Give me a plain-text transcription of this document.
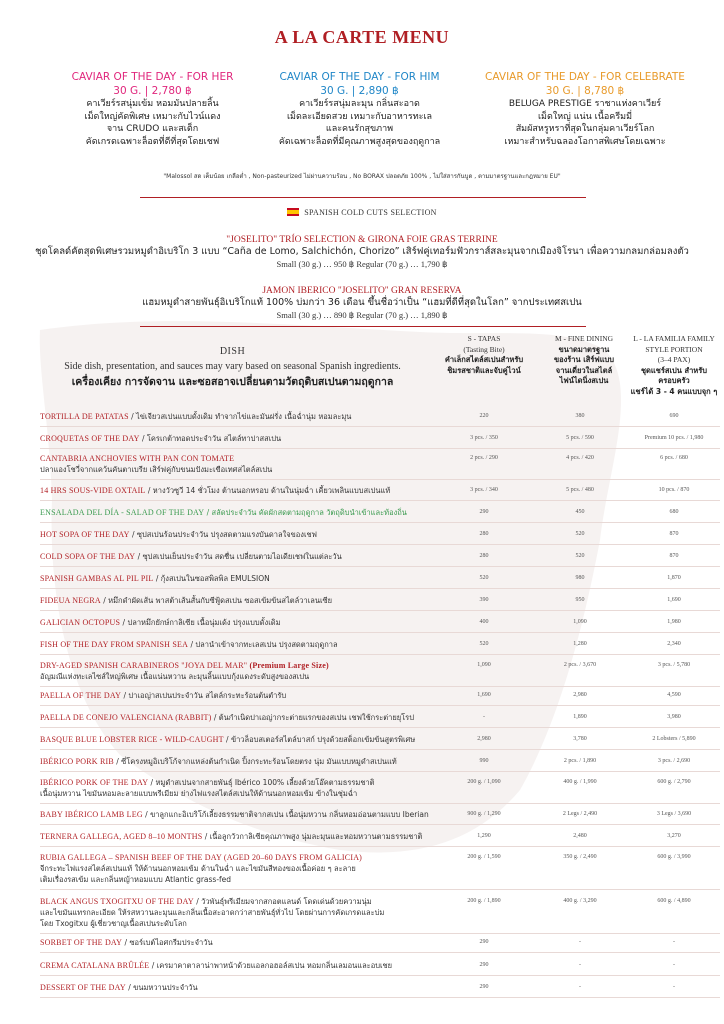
A LA CARTE MENU
CAVIAR OF THE DAY - FOR HER
30 G. | 2,780 ฿
คาเวียร์รสนุ่มเข้ม หอมมันปลายลิ้น
เม็ดใหญ่คัดพิเศษ เหมาะกับไวน์แดง
จาน CRUDO และสเต็ก
คัดเกรดเฉพาะล็อตที่ดีที่สุดโดยเชฟ
CAVIAR OF THE DAY - FOR HIM
30 G. | 2,890 ฿
คาเวียร์รสนุ่มละมุน กลิ่นสะอาด
เม็ดละเอียดสวย เหมาะกับอาหารทะเล
และคนรักสุขภาพ
คัดเฉพาะล็อตที่มีคุณภาพสูงสุดของฤดูกาล
CAVIAR OF THE DAY - FOR CELEBRATE
30 G. | 8,780 ฿
BELUGA PRESTIGE ราชาแห่งคาเวียร์
เม็ดใหญ่ แน่น เนื้อครีมมี่
สัมผัสหรูหราที่สุดในกลุ่มคาเวียร์โลก
เหมาะสำหรับฉลองโอกาสพิเศษโดยเฉพาะ
"Malossol สด เค็มน้อย เกลือต่ำ , Non-pasteurized ไม่ผ่านความร้อน , No BORAX ปลอดภัย 100% , ไม่ใส่สารกันบูด , ตามมาตรฐานและกฎหมาย EU"
SPANISH COLD CUTS SELECTION
"JOSELITO" TRÍO SELECTION & GIRONA FOIE GRAS TERRINE
ชุดโคลด์คัตสุดพิเศษรวมหมูดำอิเบริโก 3 แบบ “Caña de Lomo, Salchichón, Chorizo” เสิร์ฟคู่เทอร์มฟัวกราส์สละมุนจากเมืองจิโรนา เพื่อความกลมกล่อมลงตัว
Small (30 g.) … 950 ฿ Regular (70 g.) … 1,790 ฿
JAMON IBERICO "JOSELITO" GRAN RESERVA
แฮมหมูดำสายพันธุ์อิเบริโกแท้ 100% บ่มกว่า 36 เดือน ขึ้นชื่อว่าเป็น “แฮมที่ดีที่สุดในโลก” จากประเทศสเปน
Small (30 g.) … 890 ฿ Regular (70 g.) … 1,890 ฿
DISH
Side dish, presentation, and sauces may vary based on seasonal Spanish ingredients.
เครื่องเคียง การจัดจาน และซอสอาจเปลี่ยนตามวัตถุดิบสเปนตามฤดูกาล
S - TAPAS
(Tasting Bite)
คำเล็กสไตล์สเปนสำหรับ
ชิมรสชาติและจับคู่ไวน์
M - FINE DINING
ขนาดมาตรฐาน
ของร้าน เสิร์ฟแบบ
จานเดี่ยวในสไตล์
ไฟน์ไดนิ่งสเปน
L - LA FAMILIA FAMILY
STYLE PORTION
(3–4 PAX)
ชุดแชร์สเปน สำหรับครอบครัว
แชร์ได้ 3 - 4 คนแบบจุก ๆ
TORTILLA DE PATATAS / ไข่เจียวสเปนแบบดั้งเดิม ทำจากไข่และมันฝรั่ง เนื้อฉ่ำนุ่ม หอมละมุน	220	380	690
CROQUETAS OF THE DAY / โครเกต้าทอดประจำวัน สไตล์ทาปาสสเปน	3 pcs. / 350	5 pcs. / 590	Premium 10 pcs. / 1,980
CANTABRIA ANCHOVIES WITH PAN CON TOMATE
ปลาแองโชวี่จากแคว้นคันตาเบรีย เสิร์ฟคู่กับขนมปังมะเขือเทศสไตล์สเปน
2 pcs. / 290	4 pcs. / 420	6 pcs. / 680
14 HRS SOUS-VIDE OXTAIL / หางวัวซูวี 14 ชั่วโมง ต้านนอกหรอบ ด้านในนุ่มฉ่ำ เคี้ยวเพลินแบบสเปนแท้	3 pcs. / 340	5 pcs. / 480	10 pcs. / 870
ENSALADA DEL DÍA - SALAD OF THE DAY / สลัดประจำวัน คัดผักสดตามฤดูกาล วัตถุดิบนำเข้าและท้องถิ่น	290	450	680
HOT SOPA OF THE DAY / ซุปสเปนร้อนประจำวัน ปรุงสดตามแรงบันดาลใจของเชฟ	280	520	870
COLD SOPA OF THE DAY / ซุปสเปนเย็นประจำวัน สดชื่น เปลี่ยนตามไอเดียเชฟในแต่ละวัน	280	520	870
SPANISH GAMBAS AL PIL PIL / กุ้งสเปนในซอสพิลพิล EMULSION	520	980	1,870
FIDEUA NEGRA / หมึกดำผัดเส้น พาสต้าเส้นสั้นกับซีฟู้ดสเปน ซอสเข้มข้นสไตล์วาเลนเซีย	390	950	1,690
GALICIAN OCTOPUS / ปลาหมึกยักษ์กาลิเซีย เนื้อนุ่มเด้ง ปรุงแบบดั้งเดิม	400	1,090	1,980
FISH OF THE DAY FROM SPANISH SEA / ปลานำเข้าจากทะเลสเปน ปรุงสดตามฤดูกาล	520	1,280	2,340
DRY-AGED SPANISH CARABINEROS "JOYA DEL MAR" (Premium Large Size)
อัญมณีแห่งทะเลไซส์ใหญ่พิเศษ เนื้อแน่นหวาน ละมุนลิ้นแบบกุ้งแดงระดับสูงของสเปน
1,090	2 pcs. / 3,670	3 pcs. / 5,780
PAELLA OF THE DAY / ปาเอญ่าสเปนประจำวัน สไตล์กระทะร้อนต้นตำรับ	1,690	2,980	4,590
PAELLA DE CONEJO VALENCIANA (RABBIT) / ต้นกำเนิดปาเอญ่ากระต่ายแรกของสเปน เชฟใช้กระต่ายยุโรป	-	1,890	3,980
BASQUE BLUE LOBSTER RICE - WILD-CAUGHT / ข้าวล็อบสเตอร์สไตล์บาสก์ ปรุงด้วยสต็อกเข้มข้นสูตรพิเศษ	2,980	3,780	2 Lobsters / 5,890
IBÉRICO PORK RIB / ซี่โครงหมูอิเบริโก้จากแหล่งต้นกำเนิด ปิ้งกระทะร้อนโดยตรง นุ่ม มันแบบหมูดำสเปนแท้	990	2 pcs. / 1,890	3 pcs. / 2,690
IBÉRICO PORK OF THE DAY / หมูดำสเปนจากสายพันธุ์ Ibérico 100% เลี้ยงด้วยโอ๊คตามธรรมชาติ
เนื้อนุ่มหวาน ไขมันหอมละลายแบบพรีเมียม ย่างไฟแรงสไตล์สเปนให้ด้านนอกหอมเข้ม ข้างในชุ่มฉ่ำ
200 g. / 1,090	400 g. / 1,990	600 g. / 2,790
BABY IBÉRICO LAMB LEG / ขาลูกแกะอิเบริโก้เลี้ยงธรรมชาติจากสเปน เนื้อนุ่มหวาน กลิ่นหอมอ่อนตามแบบ Iberian	900 g. / 1,290	2 Legs / 2,490	3 Legs / 3,690
TERNERA GALLEGA, AGED 8–10 MONTHS / เนื้อลูกวัวกาลิเซียคุณภาพสูง นุ่มละมุนและหอมหวานตามธรรมชาติ	1,290	2,480	3,270
RUBIA GALLEGA – SPANISH BEEF OF THE DAY (AGED 20–60 DAYS FROM GALICIA)
จีกระทะไฟแรงสไตล์สเปนแท้ ให้ด้านนอกหอมเข้ม ด้านในฉ่ำ และไขมันสีทองของเนื้อค่อย ๆ ละลาย
เติมเรื่องรสเข้ม และกลิ่นหญ้าหอมแบบ Atlantic grass-fed
200 g. / 1,590	350 g. / 2,490	600 g. / 3,990
BLACK ANGUS TXOGITXU OF THE DAY / วัวพันธุ์พรีเมียมจากสกอตแลนด์ โดดเด่นด้วยความนุ่ม
และไขมันแทรกละเอียด ให้รสหวานละมุนและกลิ่นเนื้อสะอาดกว่าสายพันธุ์ทั่วไป โดยผ่านการคัดเกรดและบ่ม
โดย Txogitxu ผู้เชี่ยวชาญเนื้อสเปนระดับโลก
200 g. / 1,890	400 g. / 3,290	600 g. / 4,890
SORBET OF THE DAY / ซอร์เบต์ไอศกรีมประจำวัน	290	-	-
CREMA CATALANA BRÛLÉE / เครมาคาตาลาน่าพาหน้าด้วยแอลกอฮอล์สเปน หอมกลิ่นเลมอนและอบเชย	290	-	-
DESSERT OF THE DAY / ขนมหวานประจำวัน	290	-	-
